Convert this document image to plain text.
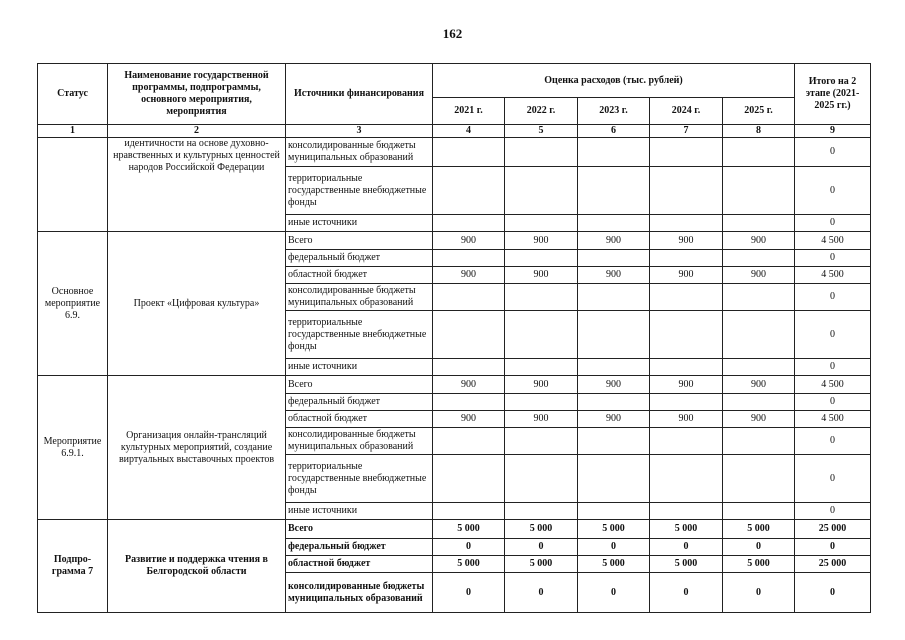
162
Статус	Наименование государственной программы, подпрограммы, основного мероприятия, мероприятия	Источники финансирования	Оценка расходов (тыс. рублей)					Итого на 2 этапе (2021-2025 гг.)
			2021 г.	2022 г.	2023 г.	2024 г.	2025 г.	
1	2	3	4	5	6	7	8	9
	идентичности на основе духовно-нравственных и культурных ценностей народов Российской Федерации	консолидированные бюджеты муниципальных образований						0
		территориальные государственные внебюджетные фонды						0
		иные источники						0
Основное мероприятие 6.9.	Проект «Цифровая культура»	Всего	900	900	900	900	900	4 500
		федеральный бюджет						0
		областной бюджет	900	900	900	900	900	4 500
		консолидированные бюджеты муниципальных образований						0
		территориальные государственные внебюджетные фонды						0
		иные источники						0
Мероприятие 6.9.1.	Организация онлайн-трансляций культурных мероприятий, создание виртуальных выставочных проектов	Всего	900	900	900	900	900	4 500
		федеральный бюджет						0
		областной бюджет	900	900	900	900	900	4 500
		консолидированные бюджеты муниципальных образований						0
		территориальные государственные внебюджетные фонды						0
		иные источники						0
Подпро-грамма 7	Развитие и поддержка чтения в Белгородской области	Всего	5 000	5 000	5 000	5 000	5 000	25 000
		федеральный бюджет	0	0	0	0	0	0
		областной бюджет	5 000	5 000	5 000	5 000	5 000	25 000
		консолидированные бюджеты муниципальных образований	0	0	0	0	0	0
